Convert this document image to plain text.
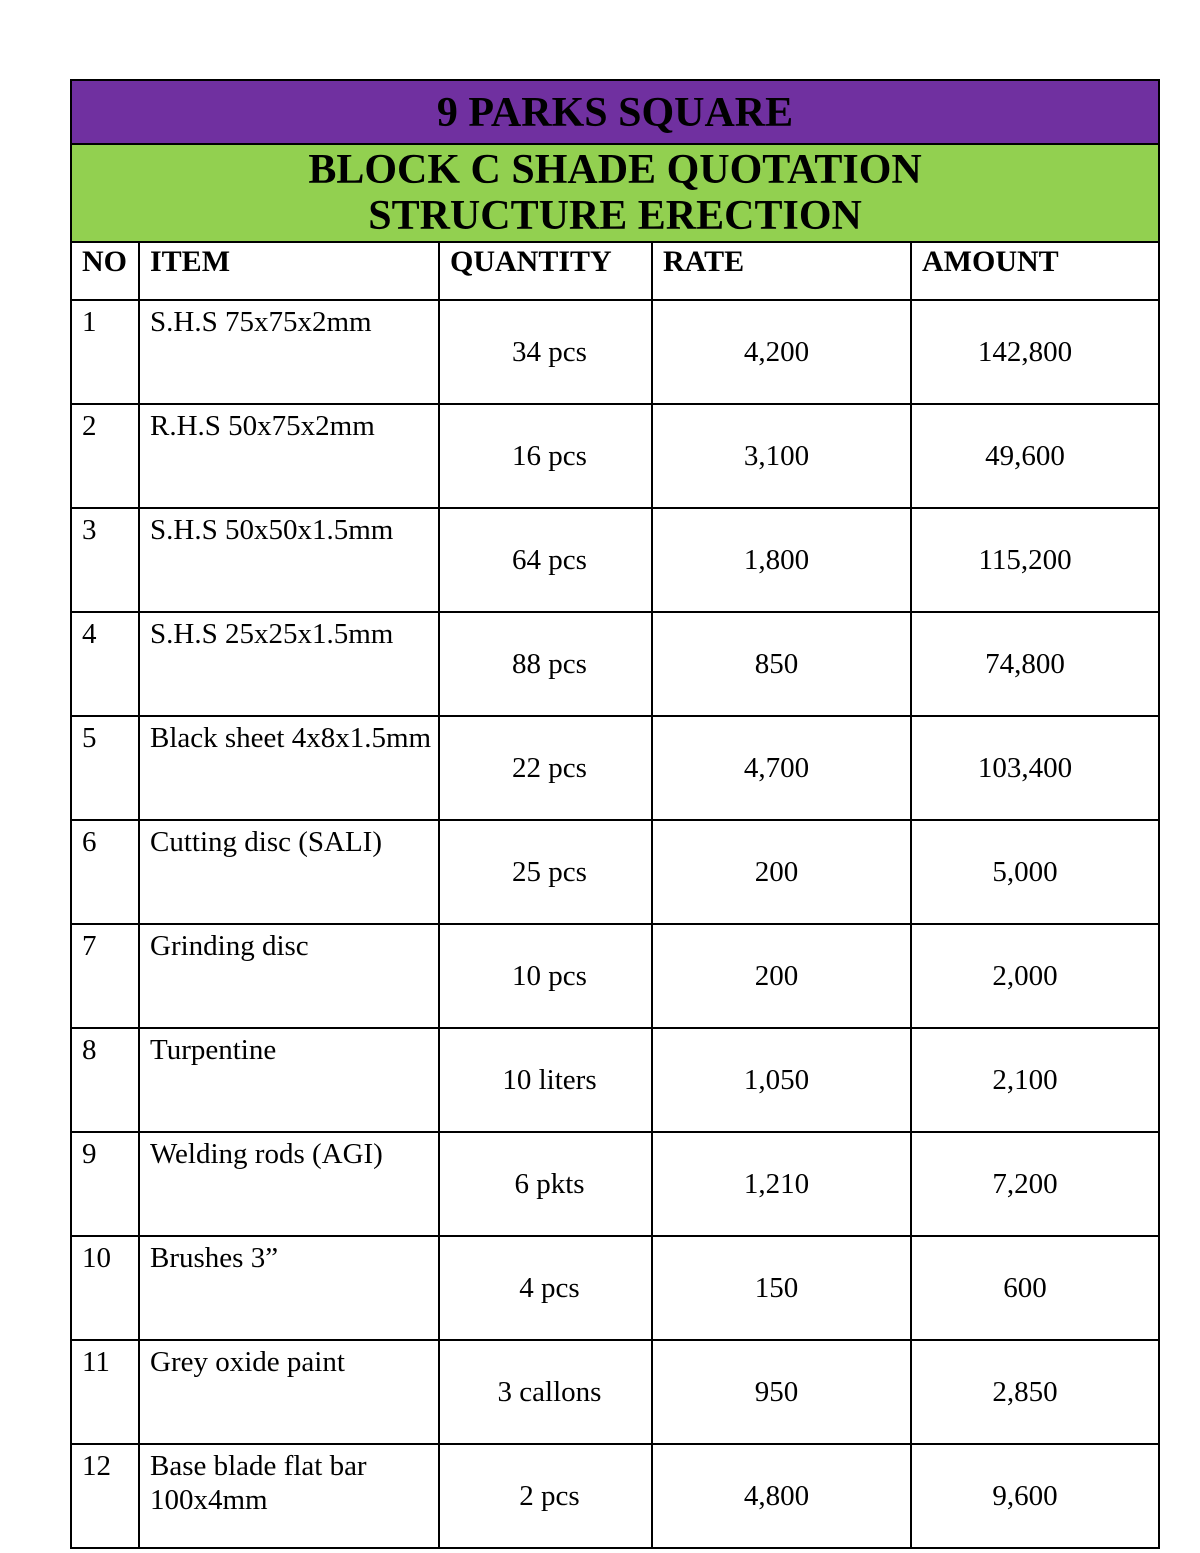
9 PARKS SQUARE				

BLOCK C SHADE QUOTATION
STRUCTURE ERECTION				

NO	ITEM	QUANTITY	RATE	AMOUNT
1	S.H.S 75x75x2mm	34 pcs	4,200	142,800
2	R.H.S 50x75x2mm	16 pcs	3,100	49,600
3	S.H.S 50x50x1.5mm	64 pcs	1,800	115,200
4	S.H.S 25x25x1.5mm	88 pcs	850	74,800
5	Black sheet 4x8x1.5mm	22 pcs	4,700	103,400
6	Cutting disc (SALI)	25 pcs	200	5,000
7	Grinding disc	10 pcs	200	2,000
8	Turpentine	10 liters	1,050	2,100
9	Welding rods (AGI)	6 pkts	1,210	7,200
10	Brushes 3”	4 pcs	150	600
11	Grey oxide paint	3 callons	950	2,850
12	Base blade flat bar 100x4mm	2 pcs	4,800	9,600
